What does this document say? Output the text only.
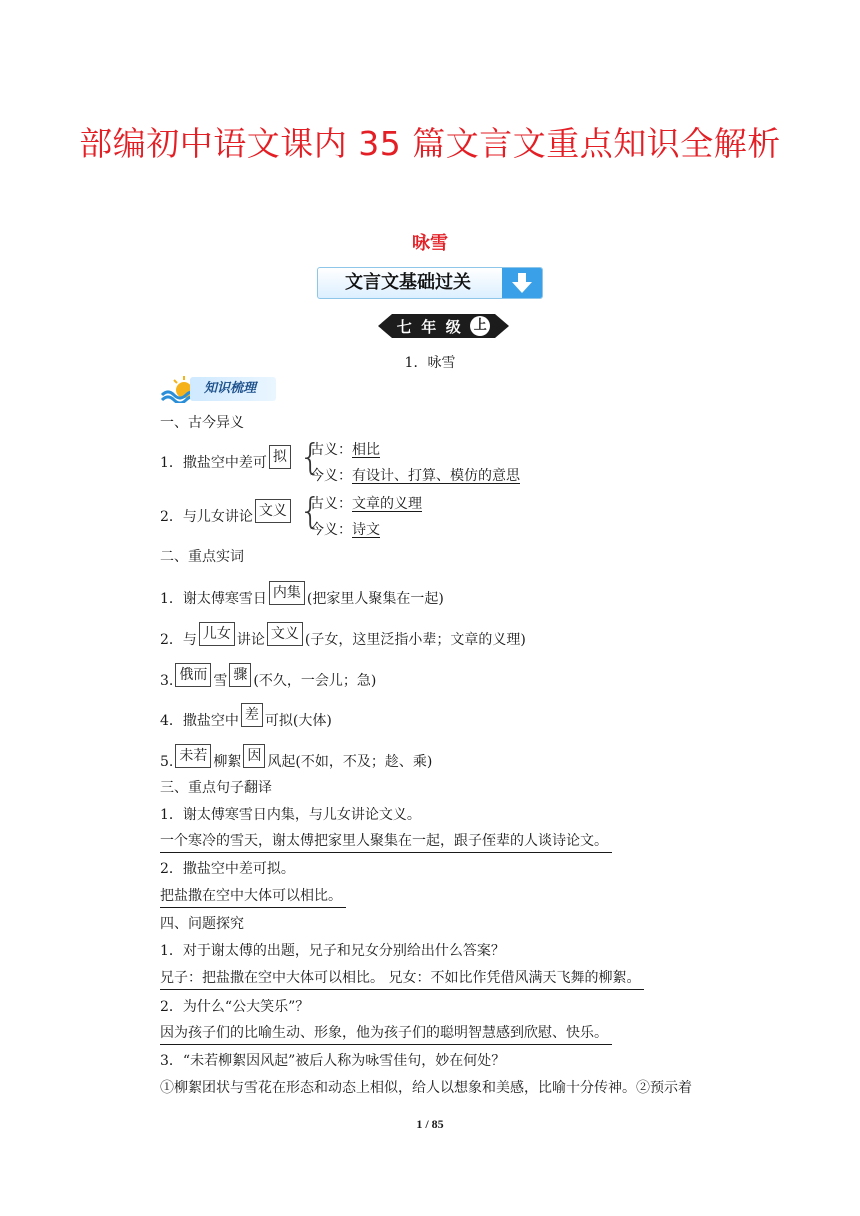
部编初中语文课内 35 篇文言文重点知识全解析
咏雪
文言文基础过关
七 年 级 上
1．咏雪
知识梳理
一、古今异义
1．撒盐空中差可 拟 {
古义：相比
今义：有设计、打算、模仿的意思
2．与儿女讲论 文义 {
古义：文章的义理
今义：诗文
二、重点实词
1．谢太傅寒雪日 内集 (把家里人聚集在一起)
2．与 儿女 讲论 文义 (子女，这里泛指小辈；文章的义理)
3. 俄而 雪 骤 (不久，一会儿；急)
4．撒盐空中 差 可拟(大体)
5. 未若 柳絮 因 风起(不如，不及；趁、乘)
三、重点句子翻译
1．谢太傅寒雪日内集，与儿女讲论文义。
一个寒冷的雪天，谢太傅把家里人聚集在一起，跟子侄辈的人谈诗论文。
2．撒盐空中差可拟。
把盐撒在空中大体可以相比。
四、问题探究
1．对于谢太傅的出题，兄子和兄女分别给出什么答案？
兄子：把盐撒在空中大体可以相比。 兄女：不如比作凭借风满天飞舞的柳絮。
2．为什么“公大笑乐”？
因为孩子们的比喻生动、形象，他为孩子们的聪明智慧感到欣慰、快乐。
3．“未若柳絮因风起”被后人称为咏雪佳句，妙在何处？
①柳絮团状与雪花在形态和动态上相似，给人以想象和美感，比喻十分传神。②预示着
1 / 85
